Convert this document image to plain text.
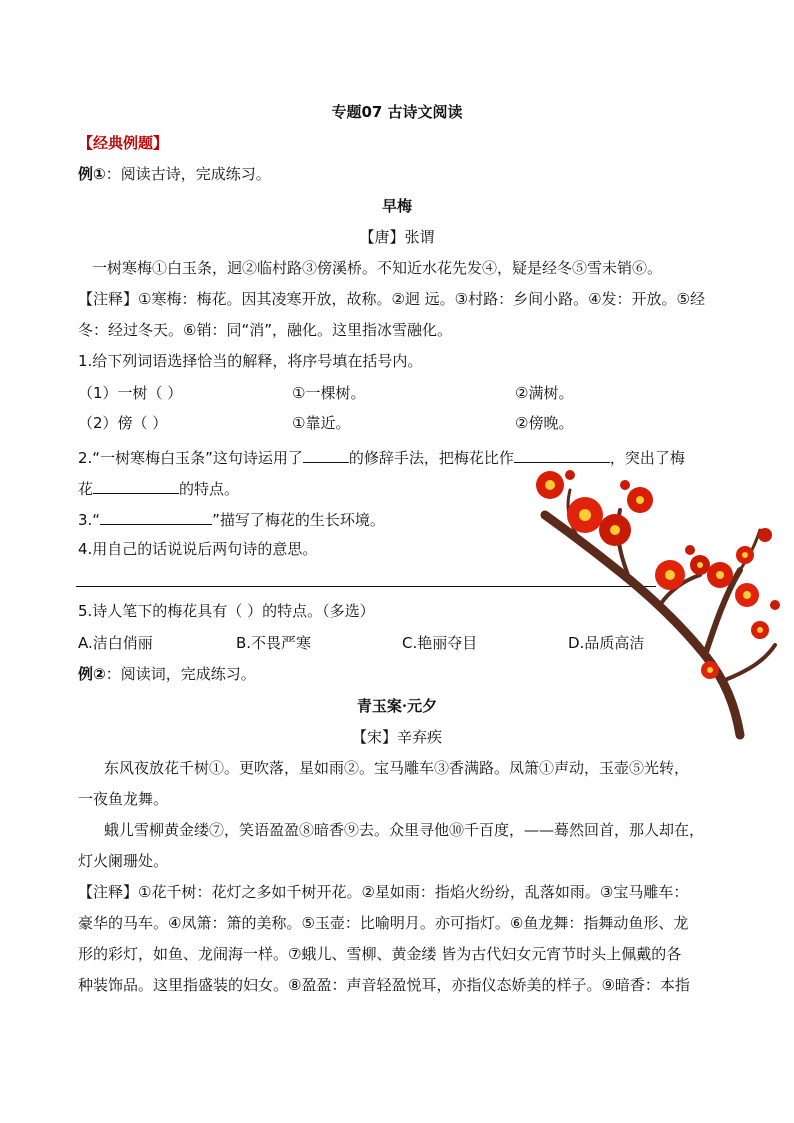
专题07 古诗文阅读
【经典例题】
例①：阅读古诗，完成练习。
早梅
【唐】张谓
一树寒梅①白玉条，迥②临村路③傍溪桥。不知近水花先发④，疑是经冬⑤雪未销⑥。
【注释】①寒梅：梅花。因其凌寒开放，故称。②迥 远。③村路：乡间小路。④发：开放。⑤经
冬：经过冬天。⑥销：同“消”，融化。这里指冰雪融化。
1.给下列词语选择恰当的解释，将序号填在括号内。
（1）一树（ ）	①一棵树。	②满树。
（2）傍（ ）	①靠近。	②傍晚。
2.“一树寒梅白玉条”这句诗运用了	的修辞手法，把梅花比作	，突出了梅
花	的特点。
3.“	”描写了梅花的生长环境。
4.用自己的话说说后两句诗的意思。
5.诗人笔下的梅花具有（ ）的特点。（多选）
A.洁白俏丽	B.不畏严寒	C.艳丽夺目	D.品质高洁
例②：阅读词，完成练习。
青玉案·元夕
【宋】辛弃疾
东风夜放花千树①。更吹落，星如雨②。宝马雕车③香满路。凤箫①声动，玉壶⑤光转，
一夜鱼龙舞。
蛾儿雪柳黄金缕⑦，笑语盈盈⑧暗香⑨去。众里寻他⑩千百度，——蓦然回首，那人却在，
灯火阑珊处。
【注释】①花千树：花灯之多如千树开花。②星如雨：指焰火纷纷，乱落如雨。③宝马雕车：
豪华的马车。④凤箫：箫的美称。⑤玉壶：比喻明月。亦可指灯。⑥鱼龙舞：指舞动鱼形、龙
形的彩灯，如鱼、龙闹海一样。⑦蛾儿、雪柳、黄金缕 皆为古代妇女元宵节时头上佩戴的各
种装饰品。这里指盛装的妇女。⑧盈盈：声音轻盈悦耳，亦指仪态娇美的样子。⑨暗香：本指
